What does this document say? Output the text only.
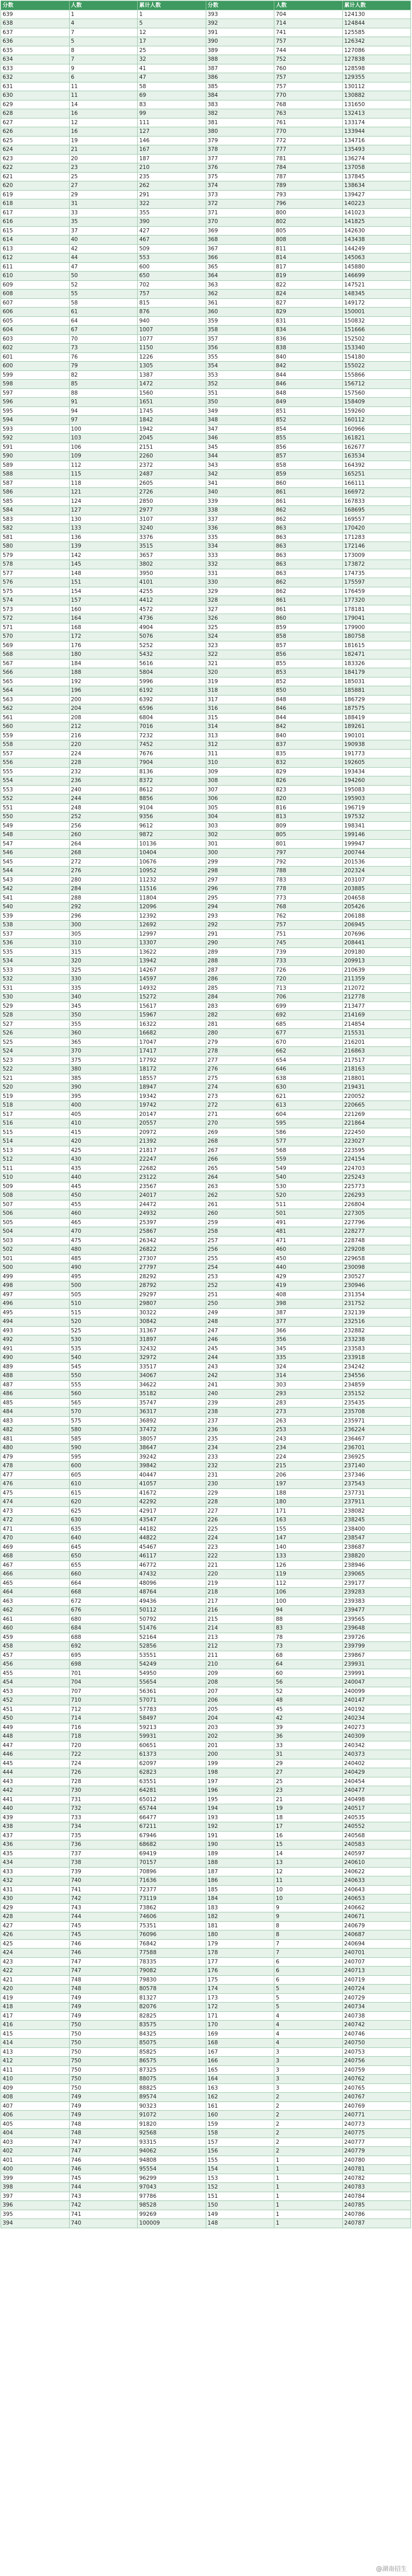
分数	人数	累计人数	分数	人数	累计人数
639	1	1	393	704	124130
638	4	5	392	714	124844
637	7	12	391	741	125585
636	5	17	390	757	126342
635	8	25	389	744	127086
634	7	32	388	752	127838
633	9	41	387	760	128598
632	6	47	386	757	129355
631	11	58	385	757	130112
630	11	69	384	770	130882
629	14	83	383	768	131650
628	16	99	382	763	132413
627	12	111	381	761	133174
626	16	127	380	770	133944
625	19	146	379	772	134716
624	21	167	378	777	135493
623	20	187	377	781	136274
622	23	210	376	784	137058
621	25	235	375	787	137845
620	27	262	374	789	138634
619	29	291	373	793	139427
618	31	322	372	796	140223
617	33	355	371	800	141023
616	35	390	370	802	141825
615	37	427	369	805	142630
614	40	467	368	808	143438
613	42	509	367	811	144249
612	44	553	366	814	145063
611	47	600	365	817	145880
610	50	650	364	819	146699
609	52	702	363	822	147521
608	55	757	362	824	148345
607	58	815	361	827	149172
606	61	876	360	829	150001
605	64	940	359	831	150832
604	67	1007	358	834	151666
603	70	1077	357	836	152502
602	73	1150	356	838	153340
601	76	1226	355	840	154180
600	79	1305	354	842	155022
599	82	1387	353	844	155866
598	85	1472	352	846	156712
597	88	1560	351	848	157560
596	91	1651	350	849	158409
595	94	1745	349	851	159260
594	97	1842	348	852	160112
593	100	1942	347	854	160966
592	103	2045	346	855	161821
591	106	2151	345	856	162677
590	109	2260	344	857	163534
589	112	2372	343	858	164392
588	115	2487	342	859	165251
587	118	2605	341	860	166111
586	121	2726	340	861	166972
585	124	2850	339	861	167833
584	127	2977	338	862	168695
583	130	3107	337	862	169557
582	133	3240	336	863	170420
581	136	3376	335	863	171283
580	139	3515	334	863	172146
579	142	3657	333	863	173009
578	145	3802	332	863	173872
577	148	3950	331	863	174735
576	151	4101	330	862	175597
575	154	4255	329	862	176459
574	157	4412	328	861	177320
573	160	4572	327	861	178181
572	164	4736	326	860	179041
571	168	4904	325	859	179900
570	172	5076	324	858	180758
569	176	5252	323	857	181615
568	180	5432	322	856	182471
567	184	5616	321	855	183326
566	188	5804	320	853	184179
565	192	5996	319	852	185031
564	196	6192	318	850	185881
563	200	6392	317	848	186729
562	204	6596	316	846	187575
561	208	6804	315	844	188419
560	212	7016	314	842	189261
559	216	7232	313	840	190101
558	220	7452	312	837	190938
557	224	7676	311	835	191773
556	228	7904	310	832	192605
555	232	8136	309	829	193434
554	236	8372	308	826	194260
553	240	8612	307	823	195083
552	244	8856	306	820	195903
551	248	9104	305	816	196719
550	252	9356	304	813	197532
549	256	9612	303	809	198341
548	260	9872	302	805	199146
547	264	10136	301	801	199947
546	268	10404	300	797	200744
545	272	10676	299	792	201536
544	276	10952	298	788	202324
543	280	11232	297	783	203107
542	284	11516	296	778	203885
541	288	11804	295	773	204658
540	292	12096	294	768	205426
539	296	12392	293	762	206188
538	300	12692	292	757	206945
537	305	12997	291	751	207696
536	310	13307	290	745	208441
535	315	13622	289	739	209180
534	320	13942	288	733	209913
533	325	14267	287	726	210639
532	330	14597	286	720	211359
531	335	14932	285	713	212072
530	340	15272	284	706	212778
529	345	15617	283	699	213477
528	350	15967	282	692	214169
527	355	16322	281	685	214854
526	360	16682	280	677	215531
525	365	17047	279	670	216201
524	370	17417	278	662	216863
523	375	17792	277	654	217517
522	380	18172	276	646	218163
521	385	18557	275	638	218801
520	390	18947	274	630	219431
519	395	19342	273	621	220052
518	400	19742	272	613	220665
517	405	20147	271	604	221269
516	410	20557	270	595	221864
515	415	20972	269	586	222450
514	420	21392	268	577	223027
513	425	21817	267	568	223595
512	430	22247	266	559	224154
511	435	22682	265	549	224703
510	440	23122	264	540	225243
509	445	23567	263	530	225773
508	450	24017	262	520	226293
507	455	24472	261	511	226804
506	460	24932	260	501	227305
505	465	25397	259	491	227796
504	470	25867	258	481	228277
503	475	26342	257	471	228748
502	480	26822	256	460	229208
501	485	27307	255	450	229658
500	490	27797	254	440	230098
499	495	28292	253	429	230527
498	500	28792	252	419	230946
497	505	29297	251	408	231354
496	510	29807	250	398	231752
495	515	30322	249	387	232139
494	520	30842	248	377	232516
493	525	31367	247	366	232882
492	530	31897	246	356	233238
491	535	32432	245	345	233583
490	540	32972	244	335	233918
489	545	33517	243	324	234242
488	550	34067	242	314	234556
487	555	34622	241	303	234859
486	560	35182	240	293	235152
485	565	35747	239	283	235435
484	570	36317	238	273	235708
483	575	36892	237	263	235971
482	580	37472	236	253	236224
481	585	38057	235	243	236467
480	590	38647	234	234	236701
479	595	39242	233	224	236925
478	600	39842	232	215	237140
477	605	40447	231	206	237346
476	610	41057	230	197	237543
475	615	41672	229	188	237731
474	620	42292	228	180	237911
473	625	42917	227	171	238082
472	630	43547	226	163	238245
471	635	44182	225	155	238400
470	640	44822	224	147	238547
469	645	45467	223	140	238687
468	650	46117	222	133	238820
467	655	46772	221	126	238946
466	660	47432	220	119	239065
465	664	48096	219	112	239177
464	668	48764	218	106	239283
463	672	49436	217	100	239383
462	676	50112	216	94	239477
461	680	50792	215	88	239565
460	684	51476	214	83	239648
459	688	52164	213	78	239726
458	692	52856	212	73	239799
457	695	53551	211	68	239867
456	698	54249	210	64	239931
455	701	54950	209	60	239991
454	704	55654	208	56	240047
453	707	56361	207	52	240099
452	710	57071	206	48	240147
451	712	57783	205	45	240192
450	714	58497	204	42	240234
449	716	59213	203	39	240273
448	718	59931	202	36	240309
447	720	60651	201	33	240342
446	722	61373	200	31	240373
445	724	62097	199	29	240402
444	726	62823	198	27	240429
443	728	63551	197	25	240454
442	730	64281	196	23	240477
441	731	65012	195	21	240498
440	732	65744	194	19	240517
439	733	66477	193	18	240535
438	734	67211	192	17	240552
437	735	67946	191	16	240568
436	736	68682	190	15	240583
435	737	69419	189	14	240597
434	738	70157	188	13	240610
433	739	70896	187	12	240622
432	740	71636	186	11	240633
431	741	72377	185	10	240643
430	742	73119	184	10	240653
429	743	73862	183	9	240662
428	744	74606	182	9	240671
427	745	75351	181	8	240679
426	745	76096	180	8	240687
425	746	76842	179	7	240694
424	746	77588	178	7	240701
423	747	78335	177	6	240707
422	747	79082	176	6	240713
421	748	79830	175	6	240719
420	748	80578	174	5	240724
419	749	81327	173	5	240729
418	749	82076	172	5	240734
417	749	82825	171	4	240738
416	750	83575	170	4	240742
415	750	84325	169	4	240746
414	750	85075	168	4	240750
413	750	85825	167	3	240753
412	750	86575	166	3	240756
411	750	87325	165	3	240759
410	750	88075	164	3	240762
409	750	88825	163	3	240765
408	749	89574	162	2	240767
407	749	90323	161	2	240769
406	749	91072	160	2	240771
405	748	91820	159	2	240773
404	748	92568	158	2	240775
403	747	93315	157	2	240777
402	747	94062	156	2	240779
401	746	94808	155	1	240780
400	746	95554	154	1	240781
399	745	96299	153	1	240782
398	744	97043	152	1	240783
397	743	97786	151	1	240784
396	742	98528	150	1	240785
395	741	99269	149	1	240786
394	740	100009	148	1	240787
@湖南招生
